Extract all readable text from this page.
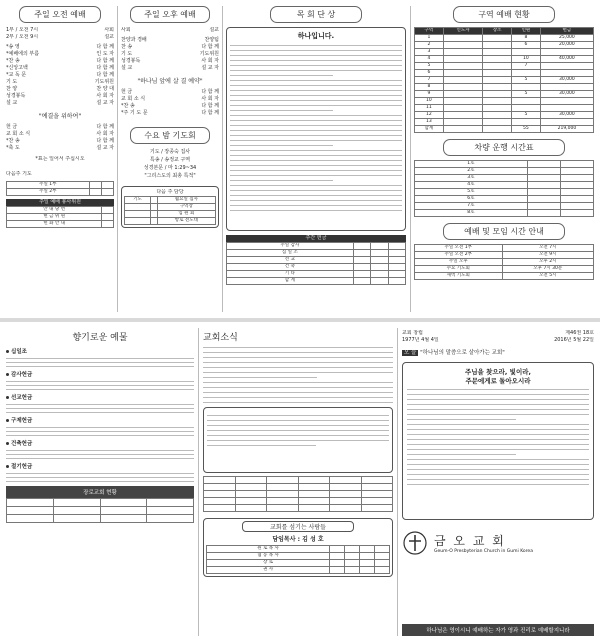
주일 오전 예배
1부 / 오전 7시	사회
2부 / 오전 9시	설교
*송 영	다 함 께
*예배에의 부름	인 도 자
*찬 송	다 함 께
*신앙고백	다 함 께
*교 독 문	다 함 께
기 도	기도위원
찬 양	찬 양 대
성경봉독	사 회 자
설 교	설 교 자
"예결을 위하여"
헌 금	다 함 께
교 회 소 식	사 회 자
*찬 송	다 함 께
*축 도	설 교 자
*표는 일어서 주십시오
다음주 기도
주일 1부		
주일 2부		
주일 예배 봉사위원
안 내 당 번	
현 금 위 원	
헌 화 안 내	
주일 오후 예배
사회	설교
찬양과 경배	찬양팀
찬 송	다 함 께
기 도	기도위원
성경봉독	사 회 자
설 교	설 교 자
"하나님 앞에 살 결 예약"
헌 금	다 함 께
교 회 소 식	사 회 자
*찬 송	다 함 께
*주 기 도 문	다 함 께
수요 밤 기도회
기도 / 장종숙 집사
특송 / 송정교 구역
성경본문 / 마 1:29~34
"그리스도의 최총 특적"
다음 주 담당
기도		월요일 집사
		구역장
		임 원 회
		항로 전도대
목 회 단 상
하나입니다.
주간 헌금
주일 감사			
십 일 조			
선 교			
건 축			
기 타			
합 계			
구역 예배 현황
구역	인도자	장소	인원	헌금
1			8	25,000
2			6	20,000
3				
4			10	40,000
5			7	
6				
7			5	30,000
8				
9			5	30,000
10				
11				
12			5	30,000
13				
합계			55	219,000
차량 운행 시간표
1호		
2호		
3호		
4호		
5호		
6호		
7호		
8호		
예배 및 모임 시간 안내
주일 오전 1부	오전 7시
주일 오전 2부	오전 9시
주일 오후	오후 2시
수요 기도회	오후 7시 30분
새벽 기도회	오전 5시
향기로운 예물
십일조
감사헌금
선교헌금
구제헌금
건축헌금
절기헌금
장로교회 현황

교회소식

교회를 섬기는 사람들
담임목사 : 김 성 호
원 로 목 사				
협 동 목 사				
장 로				
권 사				
교회 창립	제46권 18호
1977년 4월 4일	2016년 5월 22일
오 늘 "하나님의 말씀으로 살아가는 교회"
주님을 찾으라, 빛이라,
주문에게로 돌아오시라
금 오 교 회
Geum-O Presbyterian Church in Gumi Korea
하나님은 영이시니 예배하는 자가 영과 진리로 예배할지니라
